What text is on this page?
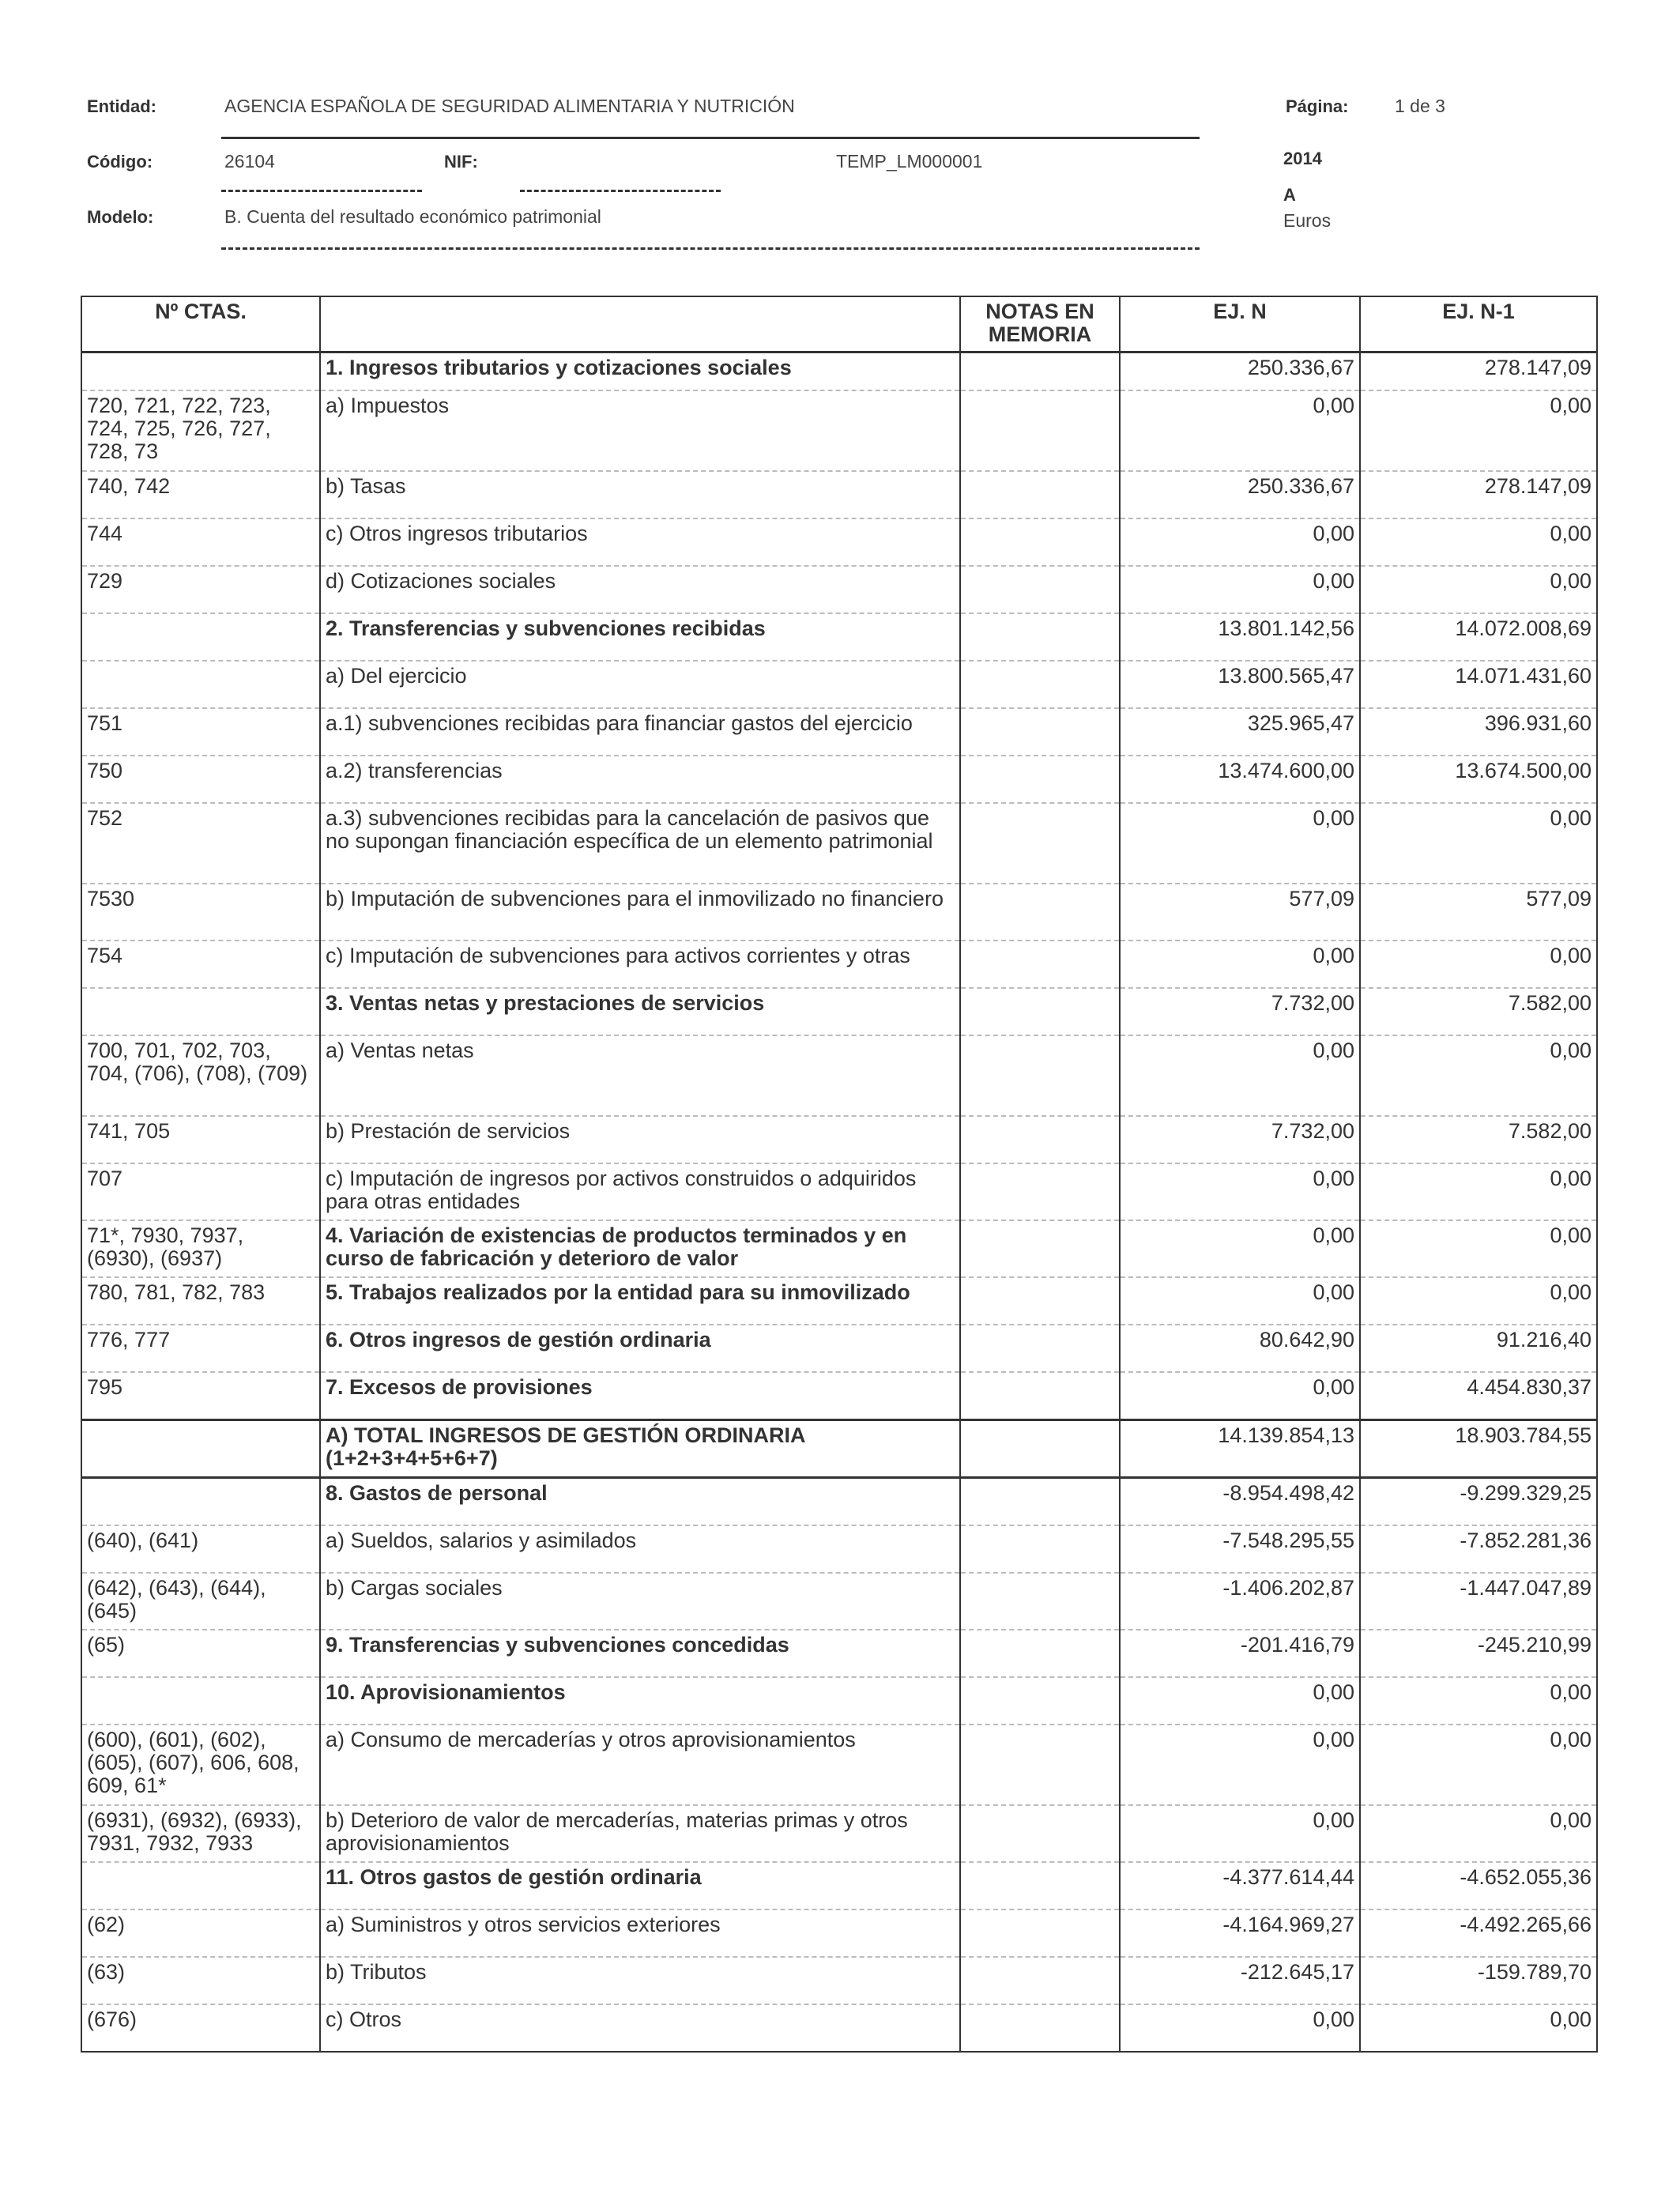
Entidad:	AGENCIA ESPAÑOLA DE SEGURIDAD ALIMENTARIA Y NUTRICIÓN	Página:	1 de 3
Código:	26104	NIF:	TEMP_LM000001	2014
A
Euros
Modelo:	B. Cuenta del resultado económico patrimonial
Nº CTAS.		NOTAS EN MEMORIA	EJ. N	EJ. N-1
	1. Ingresos tributarios y cotizaciones sociales		250.336,67	278.147,09
720, 721, 722, 723, 724, 725, 726, 727, 728, 73	a) Impuestos		0,00	0,00
740, 742	b) Tasas		250.336,67	278.147,09
744	c) Otros ingresos tributarios		0,00	0,00
729	d) Cotizaciones sociales		0,00	0,00
	2. Transferencias y subvenciones recibidas		13.801.142,56	14.072.008,69
	a) Del ejercicio		13.800.565,47	14.071.431,60
751	a.1) subvenciones recibidas para financiar gastos del ejercicio		325.965,47	396.931,60
750	a.2) transferencias		13.474.600,00	13.674.500,00
752	a.3) subvenciones recibidas para la cancelación de pasivos que no supongan financiación específica de un elemento patrimonial		0,00	0,00
7530	b) Imputación de subvenciones para el inmovilizado no financiero		577,09	577,09
754	c) Imputación de subvenciones para activos corrientes y otras		0,00	0,00
	3. Ventas netas y prestaciones de servicios		7.732,00	7.582,00
700, 701, 702, 703, 704, (706), (708), (709)	a) Ventas netas		0,00	0,00
741, 705	b) Prestación de servicios		7.732,00	7.582,00
707	c) Imputación de ingresos por activos construidos o adquiridos para otras entidades		0,00	0,00
71*, 7930, 7937, (6930), (6937)	4. Variación de existencias de productos terminados y en curso de fabricación y deterioro de valor		0,00	0,00
780, 781, 782, 783	5. Trabajos realizados por la entidad para su inmovilizado		0,00	0,00
776, 777	6. Otros ingresos de gestión ordinaria		80.642,90	91.216,40
795	7. Excesos de provisiones		0,00	4.454.830,37
	A) TOTAL INGRESOS DE GESTIÓN ORDINARIA (1+2+3+4+5+6+7)		14.139.854,13	18.903.784,55
	8. Gastos de personal		-8.954.498,42	-9.299.329,25
(640), (641)	a) Sueldos, salarios y asimilados		-7.548.295,55	-7.852.281,36
(642), (643), (644), (645)	b) Cargas sociales		-1.406.202,87	-1.447.047,89
(65)	9. Transferencias y subvenciones concedidas		-201.416,79	-245.210,99
	10. Aprovisionamientos		0,00	0,00
(600), (601), (602), (605), (607), 606, 608, 609, 61*	a) Consumo de mercaderías y otros aprovisionamientos		0,00	0,00
(6931), (6932), (6933), 7931, 7932, 7933	b) Deterioro de valor de mercaderías, materias primas y otros aprovisionamientos		0,00	0,00
	11. Otros gastos de gestión ordinaria		-4.377.614,44	-4.652.055,36
(62)	a) Suministros y otros servicios exteriores		-4.164.969,27	-4.492.265,66
(63)	b) Tributos		-212.645,17	-159.789,70
(676)	c) Otros		0,00	0,00
